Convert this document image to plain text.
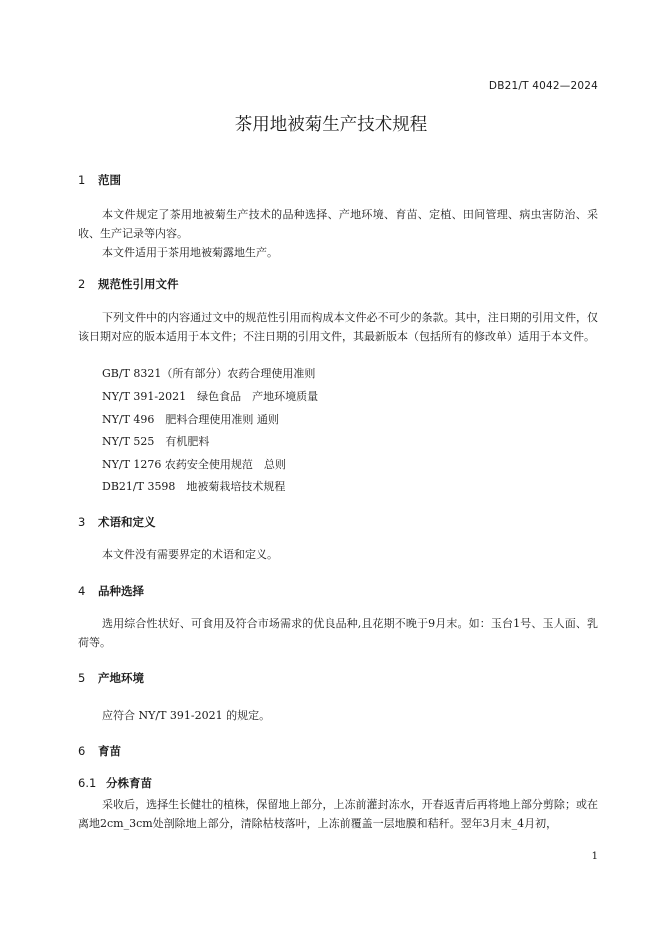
DB21/T 4042—2024
茶用地被菊生产技术规程
1 范围

本文件规定了茶用地被菊生产技术的品种选择、产地环境、育苗、定植、田间管理、病虫害防治、采收、生产记录等内容。

本文件适用于茶用地被菊露地生产。

2 规范性引用文件

下列文件中的内容通过文中的规范性引用而构成本文件必不可少的条款。其中，注日期的引用文件，仅该日期对应的版本适用于本文件；不注日期的引用文件，其最新版本（包括所有的修改单）适用于本文件。

GB/T 8321（所有部分）农药合理使用准则
NY/T 391-2021　绿色食品　产地环境质量
NY/T 496　肥料合理使用准则 通则
NY/T 525　有机肥料
NY/T 1276 农药安全使用规范　总则
DB21/T 3598　地被菊栽培技术规程
3 术语和定义

本文件没有需要界定的术语和定义。

4 品种选择

选用综合性状好、可食用及符合市场需求的优良品种,且花期不晚于9月末。如：玉台1号、玉人面、乳荷等。

5 产地环境

应符合 NY/T 391-2021 的规定。

6 育苗
6.1 分株育苗

采收后，选择生长健壮的植株，保留地上部分，上冻前灌封冻水，开春返青后再将地上部分剪除；或在离地2cm_3cm处剖除地上部分，清除枯枝落叶，上冻前覆盖一层地膜和秸秆。翌年3月末_4月初，

1
